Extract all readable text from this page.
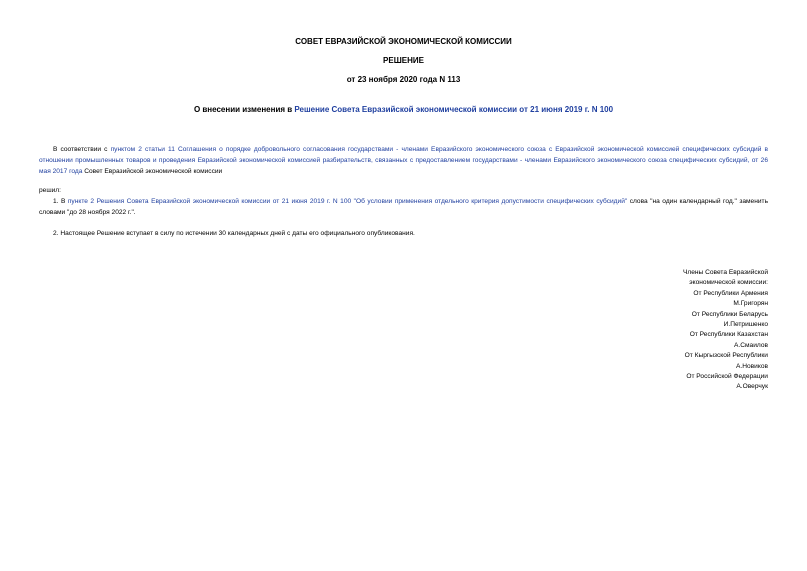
СОВЕТ ЕВРАЗИЙСКОЙ ЭКОНОМИЧЕСКОЙ КОМИССИИ
РЕШЕНИЕ
от 23 ноября 2020 года N 113
О внесении изменения в Решение Совета Евразийской экономической комиссии от 21 июня 2019 г. N 100
В соответствии с пунктом 2 статьи 11 Соглашения о порядке добровольного согласования государствами - членами Евразийского экономического союза с Евразийской экономической комиссией специфических субсидий в отношении промышленных товаров и проведения Евразийской экономической комиссией разбирательств, связанных с предоставлением государствами - членами Евразийского экономического союза специфических субсидий, от 26 мая 2017 года Совет Евразийской экономической комиссии
решил:
1. В пункте 2 Решения Совета Евразийской экономической комиссии от 21 июня 2019 г. N 100 "Об условии применения отдельного критерия допустимости специфических субсидий" слова "на один календарный год." заменить словами "до 28 ноября 2022 г.".
2. Настоящее Решение вступает в силу по истечении 30 календарных дней с даты его официального опубликования.
Члены Совета Евразийской
экономической комиссии:
От Республики Армения
М.Григорян
От Республики Беларусь
И.Петришенко
От Республики Казахстан
А.Смаилов
От Кыргызской Республики
А.Новиков
От Российской Федерации
А.Оверчук
